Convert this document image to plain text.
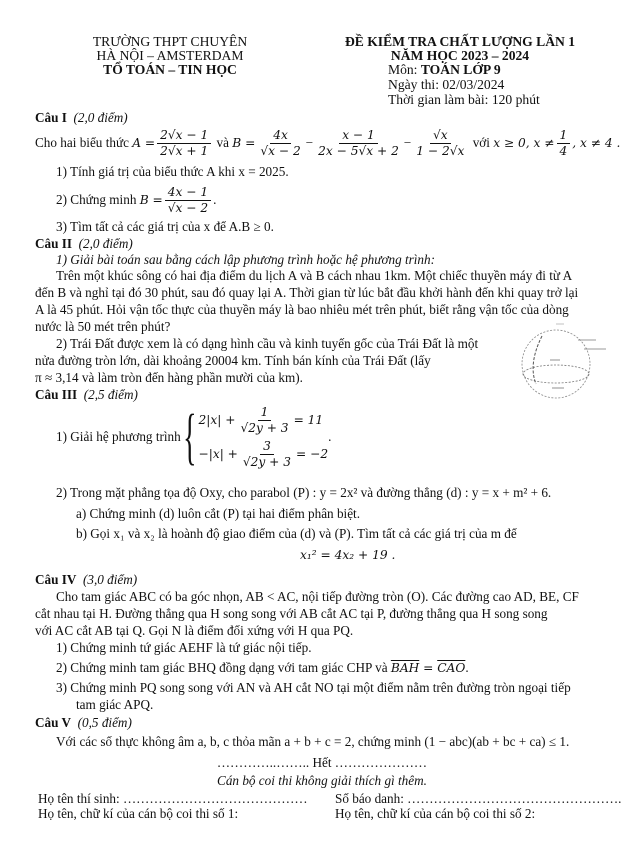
TRƯỜNG THPT CHUYÊN
HÀ NỘI – AMSTERDAM
TỔ TOÁN – TIN HỌC
ĐỀ KIỂM TRA CHẤT LƯỢNG LẦN 1
NĂM HỌC 2023 – 2024
Môn: TOÁN LỚP 9
Ngày thi: 02/03/2024
Thời gian làm bài: 120 phút
Câu I (2,0 điểm)
Cho hai biểu thức
$A = \frac{2√x - 1}{2√x + 1}$
và
$B = \frac{4x}{√x - 2} - \frac{x - 1}{2x - 5√x + 2} - \frac{√x}{1 - 2√x}$
với
x ≥ 0, $x \ne \frac{1}{4}$ , x ≠ 4 .
1) Tính giá trị của biểu thức A khi x = 2025.
2) Chứng minh
$B = \frac{4x - 1}{√x - 2}$ .
3) Tìm tất cả các giá trị của x để A.B ≥ 0.
Câu II (2,0 điểm)
1) Giải bài toán sau bằng cách lập phương trình hoặc hệ phương trình:
Trên một khúc sông có hai địa điểm du lịch A và B cách nhau 1km. Một chiếc thuyền máy đi từ A
đến B và nghỉ tại đó 30 phút, sau đó quay lại A. Thời gian từ lúc bắt đầu khởi hành đến khi quay trở lại
A là 45 phút. Hỏi vận tốc thực của thuyền máy là bao nhiêu mét trên phút, biết rằng vận tốc của dòng
nước là 50 mét trên phút?
2) Trái Đất được xem là có dạng hình cầu và kinh tuyến gốc của Trái Đất là một
nửa đường tròn lớn, dài khoảng 20004 km. Tính bán kính của Trái Đất (lấy
π ≈ 3,14 và làm tròn đến hàng phần mười của km).
Câu III (2,5 điểm)
1) Giải hệ phương trình { $2|x| + \frac{1}{√2y + 3} = 11$
$-|x| + \frac{3}{√2y + 3} = -2$
.
2) Trong mặt phẳng tọa độ Oxy, cho parabol (P) : y = 2x² và đường thẳng (d) : y = x + m² + 6.
a) Chứng minh (d) luôn cắt (P) tại hai điểm phân biệt.
b) Gọi x₁ và x₂ là hoành độ giao điểm của (d) và (P). Tìm tất cả các giá trị của m để
x₁² = 4x₂ + 19 .
Câu IV (3,0 điểm)
Cho tam giác ABC có ba góc nhọn, AB < AC, nội tiếp đường tròn (O). Các đường cao AD, BE, CF
cắt nhau tại H. Đường thẳng qua H song song với AB cắt AC tại P, đường thẳng qua H song song
với AC cắt AB tại Q. Gọi N là điểm đối xứng với H qua PQ.
1) Chứng minh tứ giác AEHF là tứ giác nội tiếp.
2) Chứng minh tam giác BHQ đồng dạng với tam giác CHP và $\overline{BAH} = \overline{CAO}$.
3) Chứng minh PQ song song với AN và AH cắt NO tại một điểm nằm trên đường tròn ngoại tiếp
tam giác APQ.
Câu V (0,5 điểm)
Với các số thực không âm a, b, c thỏa mãn a + b + c = 2, chứng minh (1 − abc)(ab + bc + ca) ≤ 1.
…………..…….. Hết …………………
Cán bộ coi thi không giải thích gì thêm.
Họ tên thí sinh: …………………………………… Số báo danh: ………………………………………….
Họ tên, chữ kí của cán bộ coi thi số 1:	Họ tên, chữ kí của cán bộ coi thi số 2:
